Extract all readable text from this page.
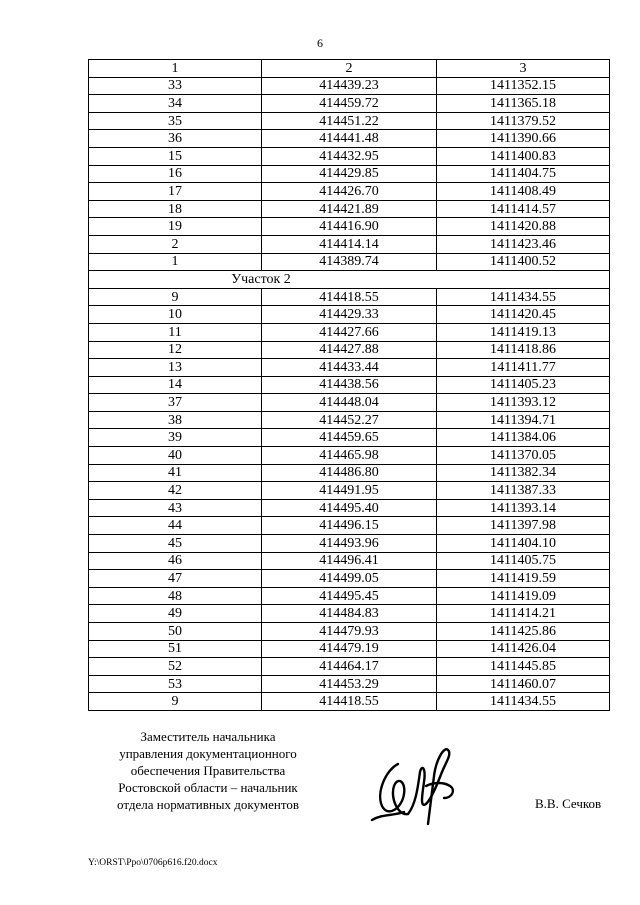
6
1	2	3
33	414439.23	1411352.15
34	414459.72	1411365.18
35	414451.22	1411379.52
36	414441.48	1411390.66
15	414432.95	1411400.83
16	414429.85	1411404.75
17	414426.70	1411408.49
18	414421.89	1411414.57
19	414416.90	1411420.88
2	414414.14	1411423.46
1	414389.74	1411400.52
Участок 2		
9	414418.55	1411434.55
10	414429.33	1411420.45
11	414427.66	1411419.13
12	414427.88	1411418.86
13	414433.44	1411411.77
14	414438.56	1411405.23
37	414448.04	1411393.12
38	414452.27	1411394.71
39	414459.65	1411384.06
40	414465.98	1411370.05
41	414486.80	1411382.34
42	414491.95	1411387.33
43	414495.40	1411393.14
44	414496.15	1411397.98
45	414493.96	1411404.10
46	414496.41	1411405.75
47	414499.05	1411419.59
48	414495.45	1411419.09
49	414484.83	1411414.21
50	414479.93	1411425.86
51	414479.19	1411426.04
52	414464.17	1411445.85
53	414453.29	1411460.07
9	414418.55	1411434.55
Заместитель начальника
управления документационного
обеспечения Правительства
Ростовской области – начальник
отдела нормативных документов	В.В. Сечков
Y:\ORST\Ppo\0706p616.f20.docx
